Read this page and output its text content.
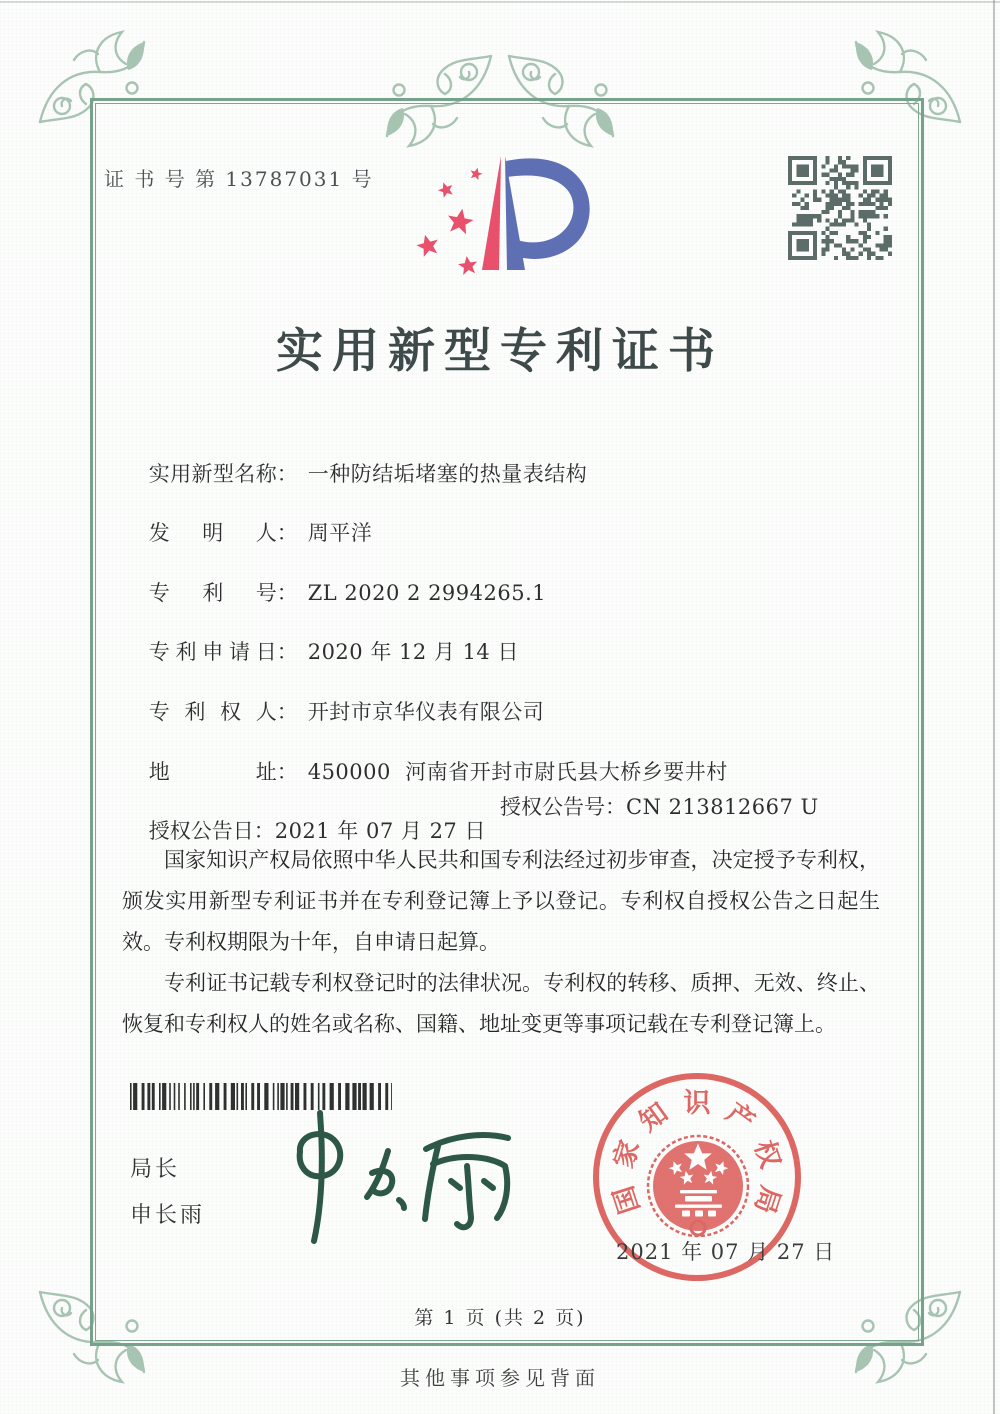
证 书 号 第 13787031 号
实用新型专利证书

实用新型名称： 一种防结垢堵塞的热量表结构

发明人： 周平洋

专利号： ZL 2020 2 2994265.1

专利申请日： 2020 年 12 月 14 日

专利权人： 开封市京华仪表有限公司

地址： 450000  河南省开封市尉氏县大桥乡要井村

授权公告日：2021 年 07 月 27 日

授权公告号：CN 213812667 U

国家知识产权局依照中华人民共和国专利法经过初步审查，决定授予专利权，颁发实用新型专利证书并在专利登记簿上予以登记。专利权自授权公告之日起生效。专利权期限为十年，自申请日起算。

专利证书记载专利权登记时的法律状况。专利权的转移、质押、无效、终止、恢复和专利权人的姓名或名称、国籍、地址变更等事项记载在专利登记簿上。

局长
申长雨	国
家
知 识 产
权
局
2021 年 07 月 27 日
第 1 页 (共 2 页)
其他事项参见背面
